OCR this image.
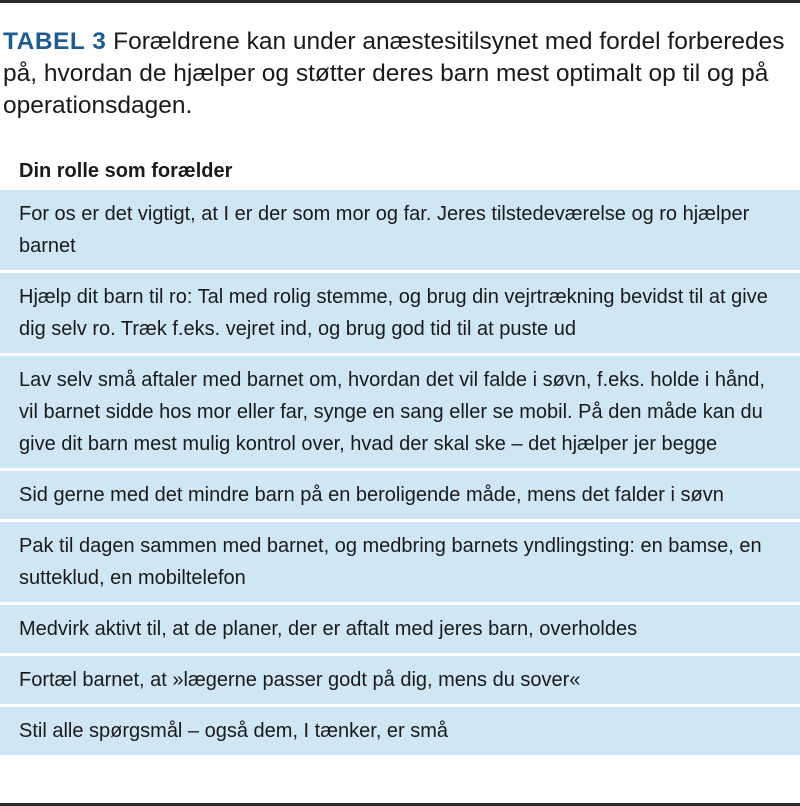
TABEL 3 Forældrene kan under anæstesitilsynet med fordel forberedes på, hvordan de hjælper og støtter deres barn mest optimalt op til og på operationsdagen.
Din rolle som forælder
For os er det vigtigt, at I er der som mor og far. Jeres tilstedeværelse og ro hjælper barnet
Hjælp dit barn til ro: Tal med rolig stemme, og brug din vejrtrækning bevidst til at give dig selv ro. Træk f.eks. vejret ind, og brug god tid til at puste ud
Lav selv små aftaler med barnet om, hvordan det vil falde i søvn, f.eks. holde i hånd, vil barnet sidde hos mor eller far, synge en sang eller se mobil. På den måde kan du give dit barn mest mulig kontrol over, hvad der skal ske – det hjælper jer begge
Sid gerne med det mindre barn på en beroligende måde, mens det falder i søvn
Pak til dagen sammen med barnet, og medbring barnets yndlingsting: en bamse, en sutteklud, en mobiltelefon
Medvirk aktivt til, at de planer, der er aftalt med jeres barn, overholdes
Fortæl barnet, at »lægerne passer godt på dig, mens du sover«
Stil alle spørgsmål – også dem, I tænker, er små
